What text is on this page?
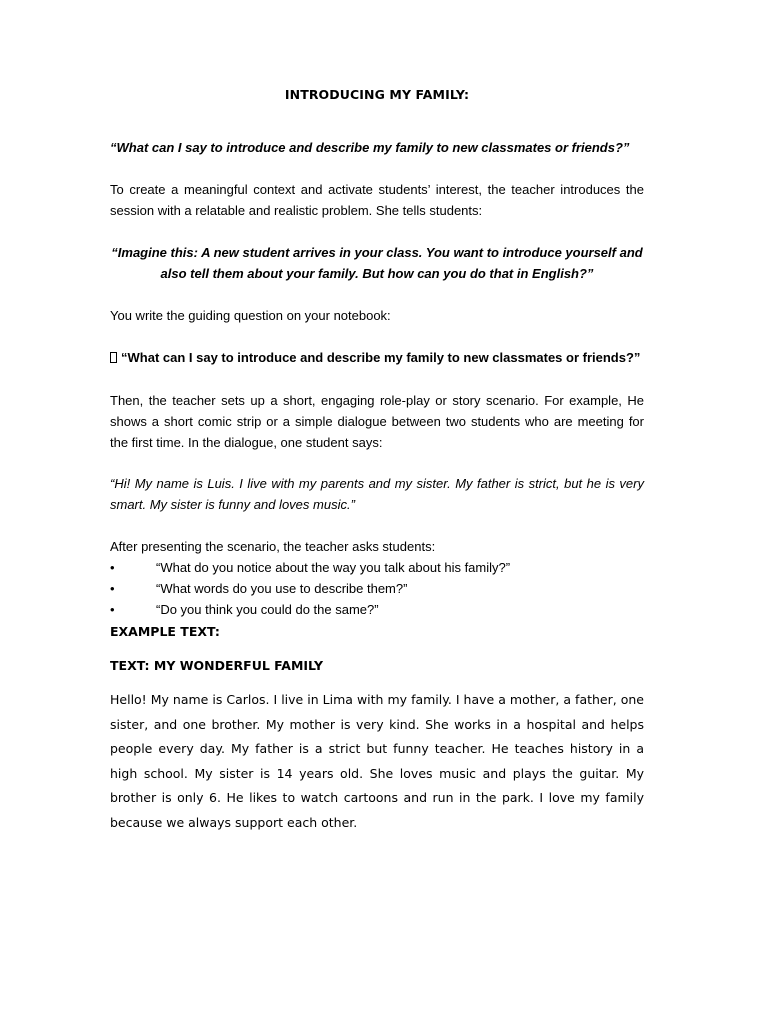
INTRODUCING MY FAMILY:
“What can I say to introduce and describe my family to new classmates or friends?”
To create a meaningful context and activate students’ interest, the teacher introduces the session with a relatable and realistic problem. She tells students:
“Imagine this: A new student arrives in your class. You want to introduce yourself and also tell them about your family. But how can you do that in English?”
You write the guiding question on your notebook:
“What can I say to introduce and describe my family to new classmates or friends?”
Then, the teacher sets up a short, engaging role-play or story scenario. For example, He shows a short comic strip or a simple dialogue between two students who are meeting for the first time. In the dialogue, one student says:
“Hi! My name is Luis. I live with my parents and my sister. My father is strict, but he is very smart. My sister is funny and loves music.”
After presenting the scenario, the teacher asks students:
•	“What do you notice about the way you talk about his family?”
•	“What words do you use to describe them?”
•	“Do you think you could do the same?”
EXAMPLE TEXT:
TEXT: MY WONDERFUL FAMILY
Hello! My name is Carlos. I live in Lima with my family. I have a mother, a father, one sister, and one brother. My mother is very kind. She works in a hospital and helps people every day. My father is a strict but funny teacher. He teaches history in a high school. My sister is 14 years old. She loves music and plays the guitar. My brother is only 6. He likes to watch cartoons and run in the park. I love my family because we always support each other.
